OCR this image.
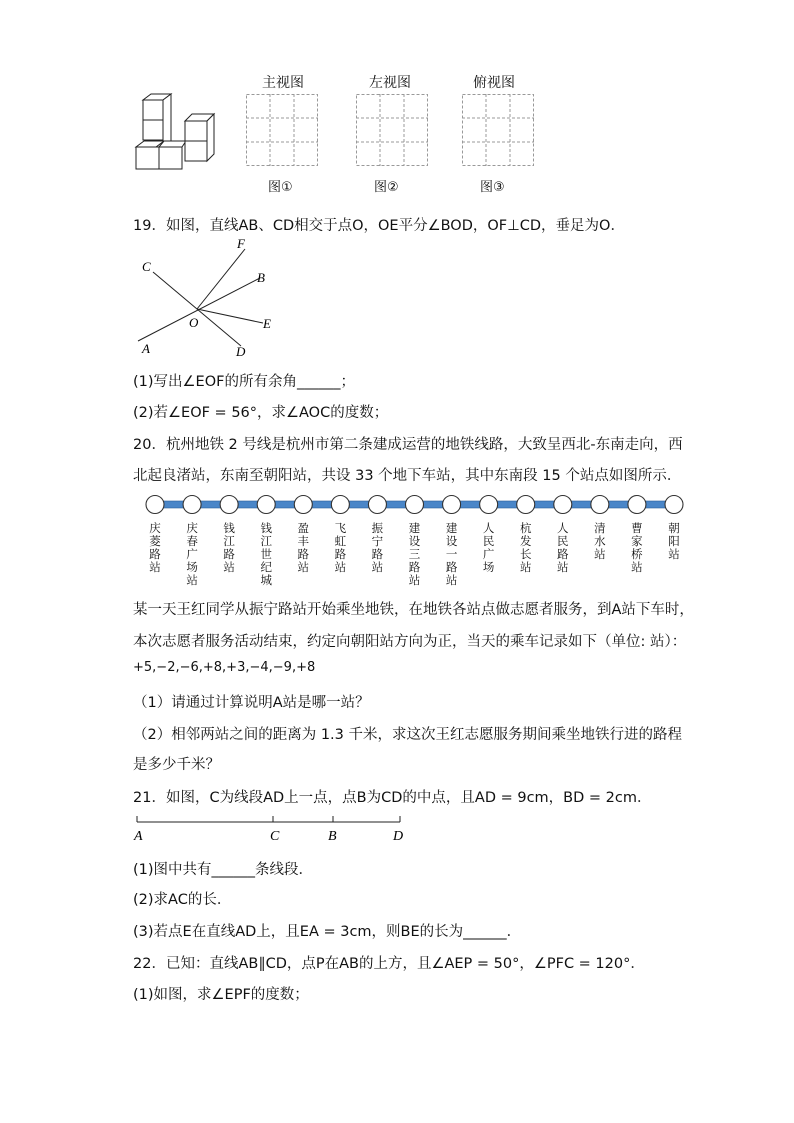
主视图	左视图	俯视图
图①	图②	图③
19．如图，直线AB、CD相交于点O，OE平分∠BOD，OF⊥CD，垂足为O．
F
C
B
O	E
A	D
(1)写出∠EOF的所有余角______；
(2)若∠EOF = 56°，求∠AOC的度数；
20．杭州地铁 2 号线是杭州市第二条建成运营的地铁线路，大致呈西北-东南走向，西
北起良渚站，东南至朝阳站，共设 33 个地下车站，其中东南段 15 个站点如图所示．
庆菱路站
庆春广场站
钱江路站
钱江世纪城
盈丰路站
飞虹路站
振宁路站
建设三路站
建设一路站
人民广场
杭发长站
人民路站
清水站
曹家桥站
朝阳站
某一天王红同学从振宁路站开始乘坐地铁，在地铁各站点做志愿者服务，到A站下车时，
本次志愿者服务活动结束，约定向朝阳站方向为正，当天的乘车记录如下（单位: 站）：
+5,−2,−6,+8,+3,−4,−9,+8
（1）请通过计算说明A站是哪一站？
（2）相邻两站之间的距离为 1.3 千米，求这次王红志愿服务期间乘坐地铁行进的路程
是多少千米？
21．如图，C为线段AD上一点，点B为CD的中点，且AD = 9cm，BD = 2cm．
A	C	B	D
(1)图中共有______条线段．
(2)求AC的长．
(3)若点E在直线AD上，且EA = 3cm，则BE的长为______．
22．已知：直线AB∥CD，点P在AB的上方，且∠AEP = 50°，∠PFC = 120°．
(1)如图，求∠EPF的度数；
